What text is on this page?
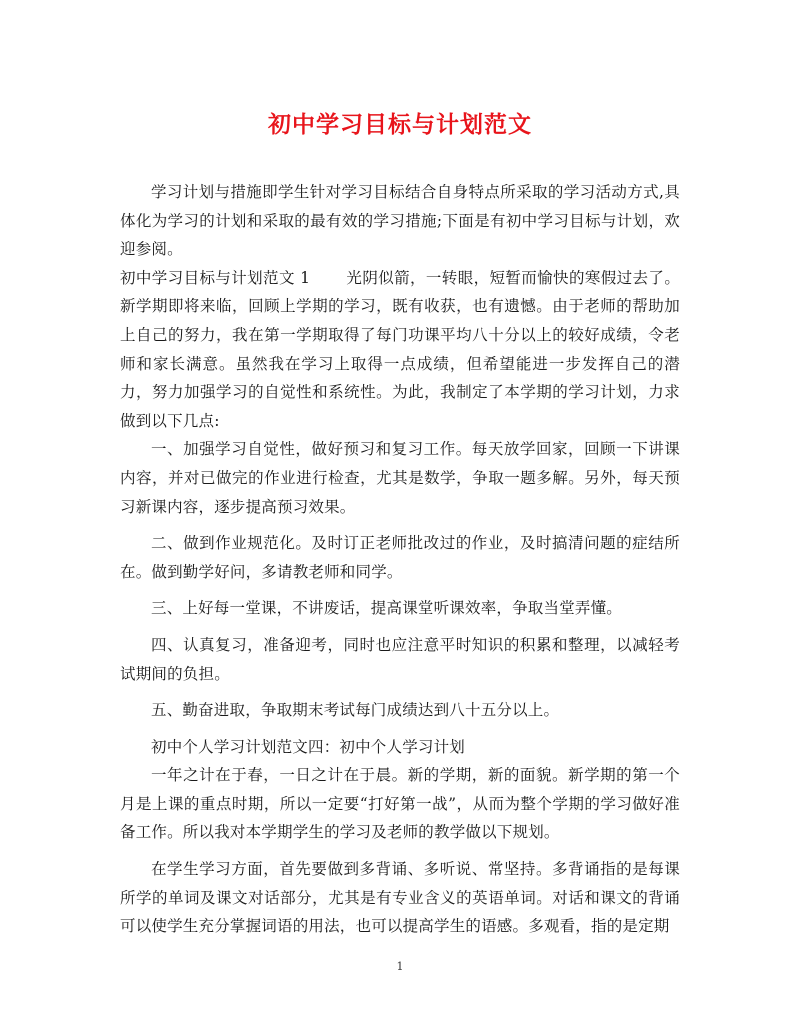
初中学习目标与计划范文

学习计划与措施即学生针对学习目标结合自身特点所采取的学习活动方式,具体化为学习的计划和采取的最有效的学习措施;下面是有初中学习目标与计划，欢迎参阅。

初中学习目标与计划范文 1 光阴似箭，一转眼，短暂而愉快的寒假过去了。新学期即将来临，回顾上学期的学习，既有收获，也有遗憾。由于老师的帮助加上自己的努力，我在第一学期取得了每门功课平均八十分以上的较好成绩，令老师和家长满意。虽然我在学习上取得一点成绩，但希望能进一步发挥自己的潜力，努力加强学习的自觉性和系统性。为此，我制定了本学期的学习计划，力求做到以下几点:

一、加强学习自觉性，做好预习和复习工作。每天放学回家，回顾一下讲课内容，并对已做完的作业进行检查，尤其是数学，争取一题多解。另外，每天预习新课内容，逐步提高预习效果。

二、做到作业规范化。及时订正老师批改过的作业，及时搞清问题的症结所在。做到勤学好问，多请教老师和同学。

三、上好每一堂课，不讲废话，提高课堂听课效率，争取当堂弄懂。

四、认真复习，准备迎考，同时也应注意平时知识的积累和整理，以减轻考试期间的负担。

五、勤奋进取，争取期末考试每门成绩达到八十五分以上。

初中个人学习计划范文四：初中个人学习计划

一年之计在于春，一日之计在于晨。新的学期，新的面貌。新学期的第一个月是上课的重点时期，所以一定要“打好第一战”，从而为整个学期的学习做好准备工作。所以我对本学期学生的学习及老师的教学做以下规划。

在学生学习方面，首先要做到多背诵、多听说、常坚持。多背诵指的是每课所学的单词及课文对话部分，尤其是有专业含义的英语单词。对话和课文的背诵可以使学生充分掌握词语的用法，也可以提高学生的语感。多观看，指的是定期

1
